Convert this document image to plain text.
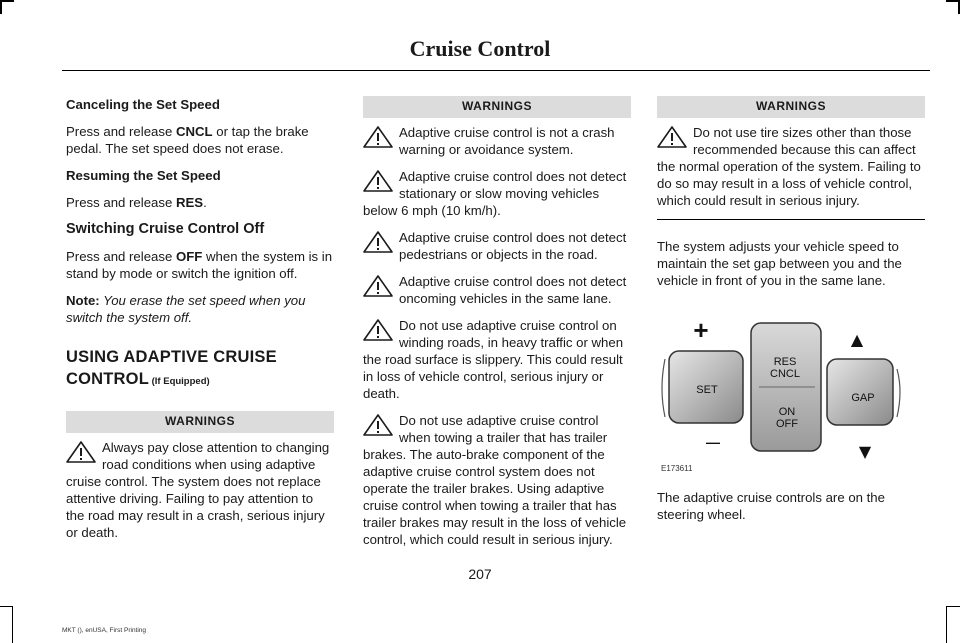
Cruise Control

Canceling the Set Speed

Press and release CNCL or tap the brake pedal. The set speed does not erase.

Resuming the Set Speed

Press and release RES.

Switching Cruise Control Off

Press and release OFF when the system is in stand by mode or switch the ignition off.

Note: You erase the set speed when you switch the system off.

USING ADAPTIVE CRUISE
CONTROL (If Equipped)
WARNINGS
Always pay close attention to changing road conditions when using adaptive cruise control. The system does not replace attentive driving. Failing to pay attention to the road may result in a crash, serious injury or death.
WARNINGS
Adaptive cruise control is not a crash warning or avoidance system.
Adaptive cruise control does not detect stationary or slow moving vehicles below 6 mph (10 km/h).
Adaptive cruise control does not detect pedestrians or objects in the road.
Adaptive cruise control does not detect oncoming vehicles in the same lane.
Do not use adaptive cruise control on winding roads, in heavy traffic or when the road surface is slippery. This could result in loss of vehicle control, serious injury or death.
Do not use adaptive cruise control when towing a trailer that has trailer brakes. The auto-brake component of the adaptive cruise control system does not operate the trailer brakes. Using adaptive cruise control when towing a trailer that has trailer brakes may result in the loss of vehicle control, which could result in serious injury.
WARNINGS
Do not use tire sizes other than those recommended because this can affect the normal operation of the system. Failing to do so may result in a loss of vehicle control, which could result in serious injury.

The system adjusts your vehicle speed to maintain the set gap between you and the vehicle in front of you in the same lane.

+
—
SET
RES
CNCL
ON
OFF
GAP
▲
▼
E173611

The adaptive cruise controls are on the steering wheel.

207
MKT (), enUSA, First Printing
